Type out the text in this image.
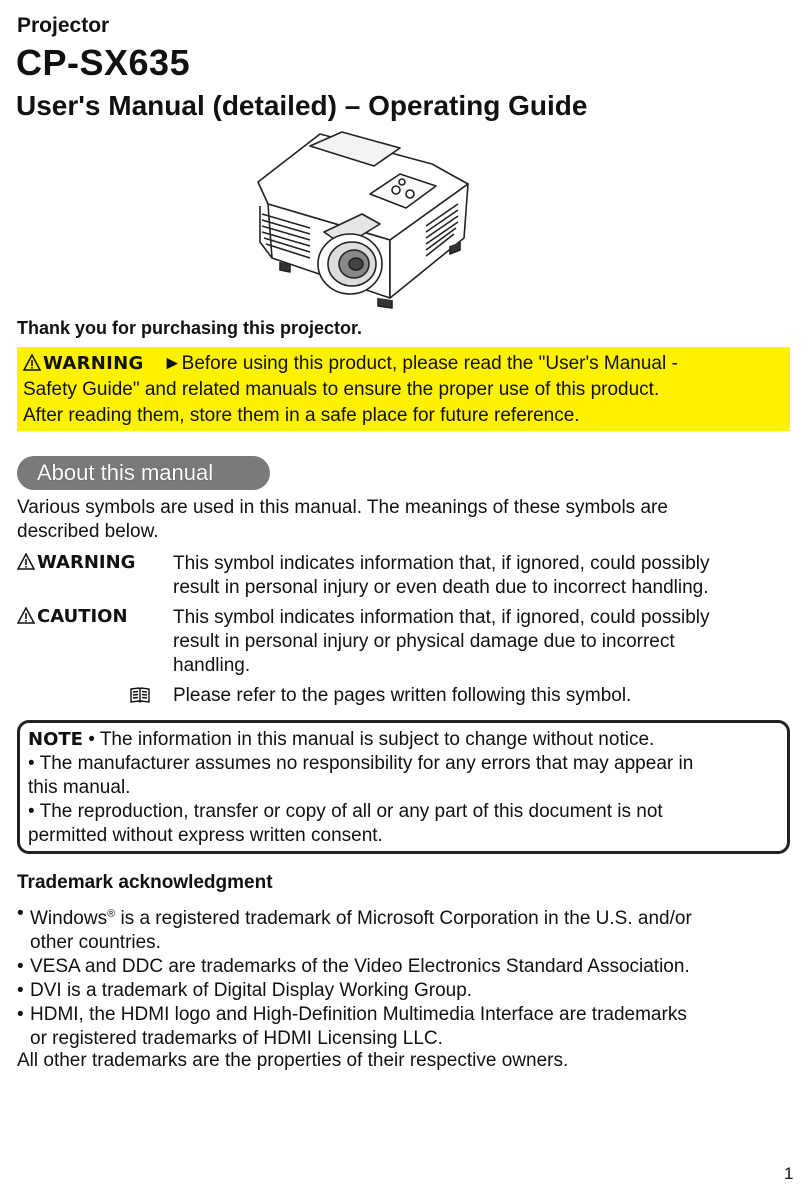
Projector
CP-SX635
User's Manual (detailed) – Operating Guide
Thank you for purchasing this projector.
WARNING ►Before using this product, please read the "User's Manual -
Safety Guide" and related manuals to ensure the proper use of this product.
After reading them, store them in a safe place for future reference.
About this manual
Various symbols are used in this manual. The meanings of these symbols are
described below.
WARNING This symbol indicates information that, if ignored, could possibly
result in personal injury or even death due to incorrect handling.
CAUTION This symbol indicates information that, if ignored, could possibly
result in personal injury or physical damage due to incorrect
handling.
Please refer to the pages written following this symbol.
NOTE • The information in this manual is subject to change without notice.
• The manufacturer assumes no responsibility for any errors that may appear in
this manual.
• The reproduction, transfer or copy of all or any part of this document is not
permitted without express written consent.
Trademark acknowledgment
• Windows® is a registered trademark of Microsoft Corporation in the U.S. and/or
other countries.
• VESA and DDC are trademarks of the Video Electronics Standard Association.
• DVI is a trademark of Digital Display Working Group.
• HDMI, the HDMI logo and High-Definition Multimedia Interface are trademarks
or registered trademarks of HDMI Licensing LLC.
All other trademarks are the properties of their respective owners.
1
